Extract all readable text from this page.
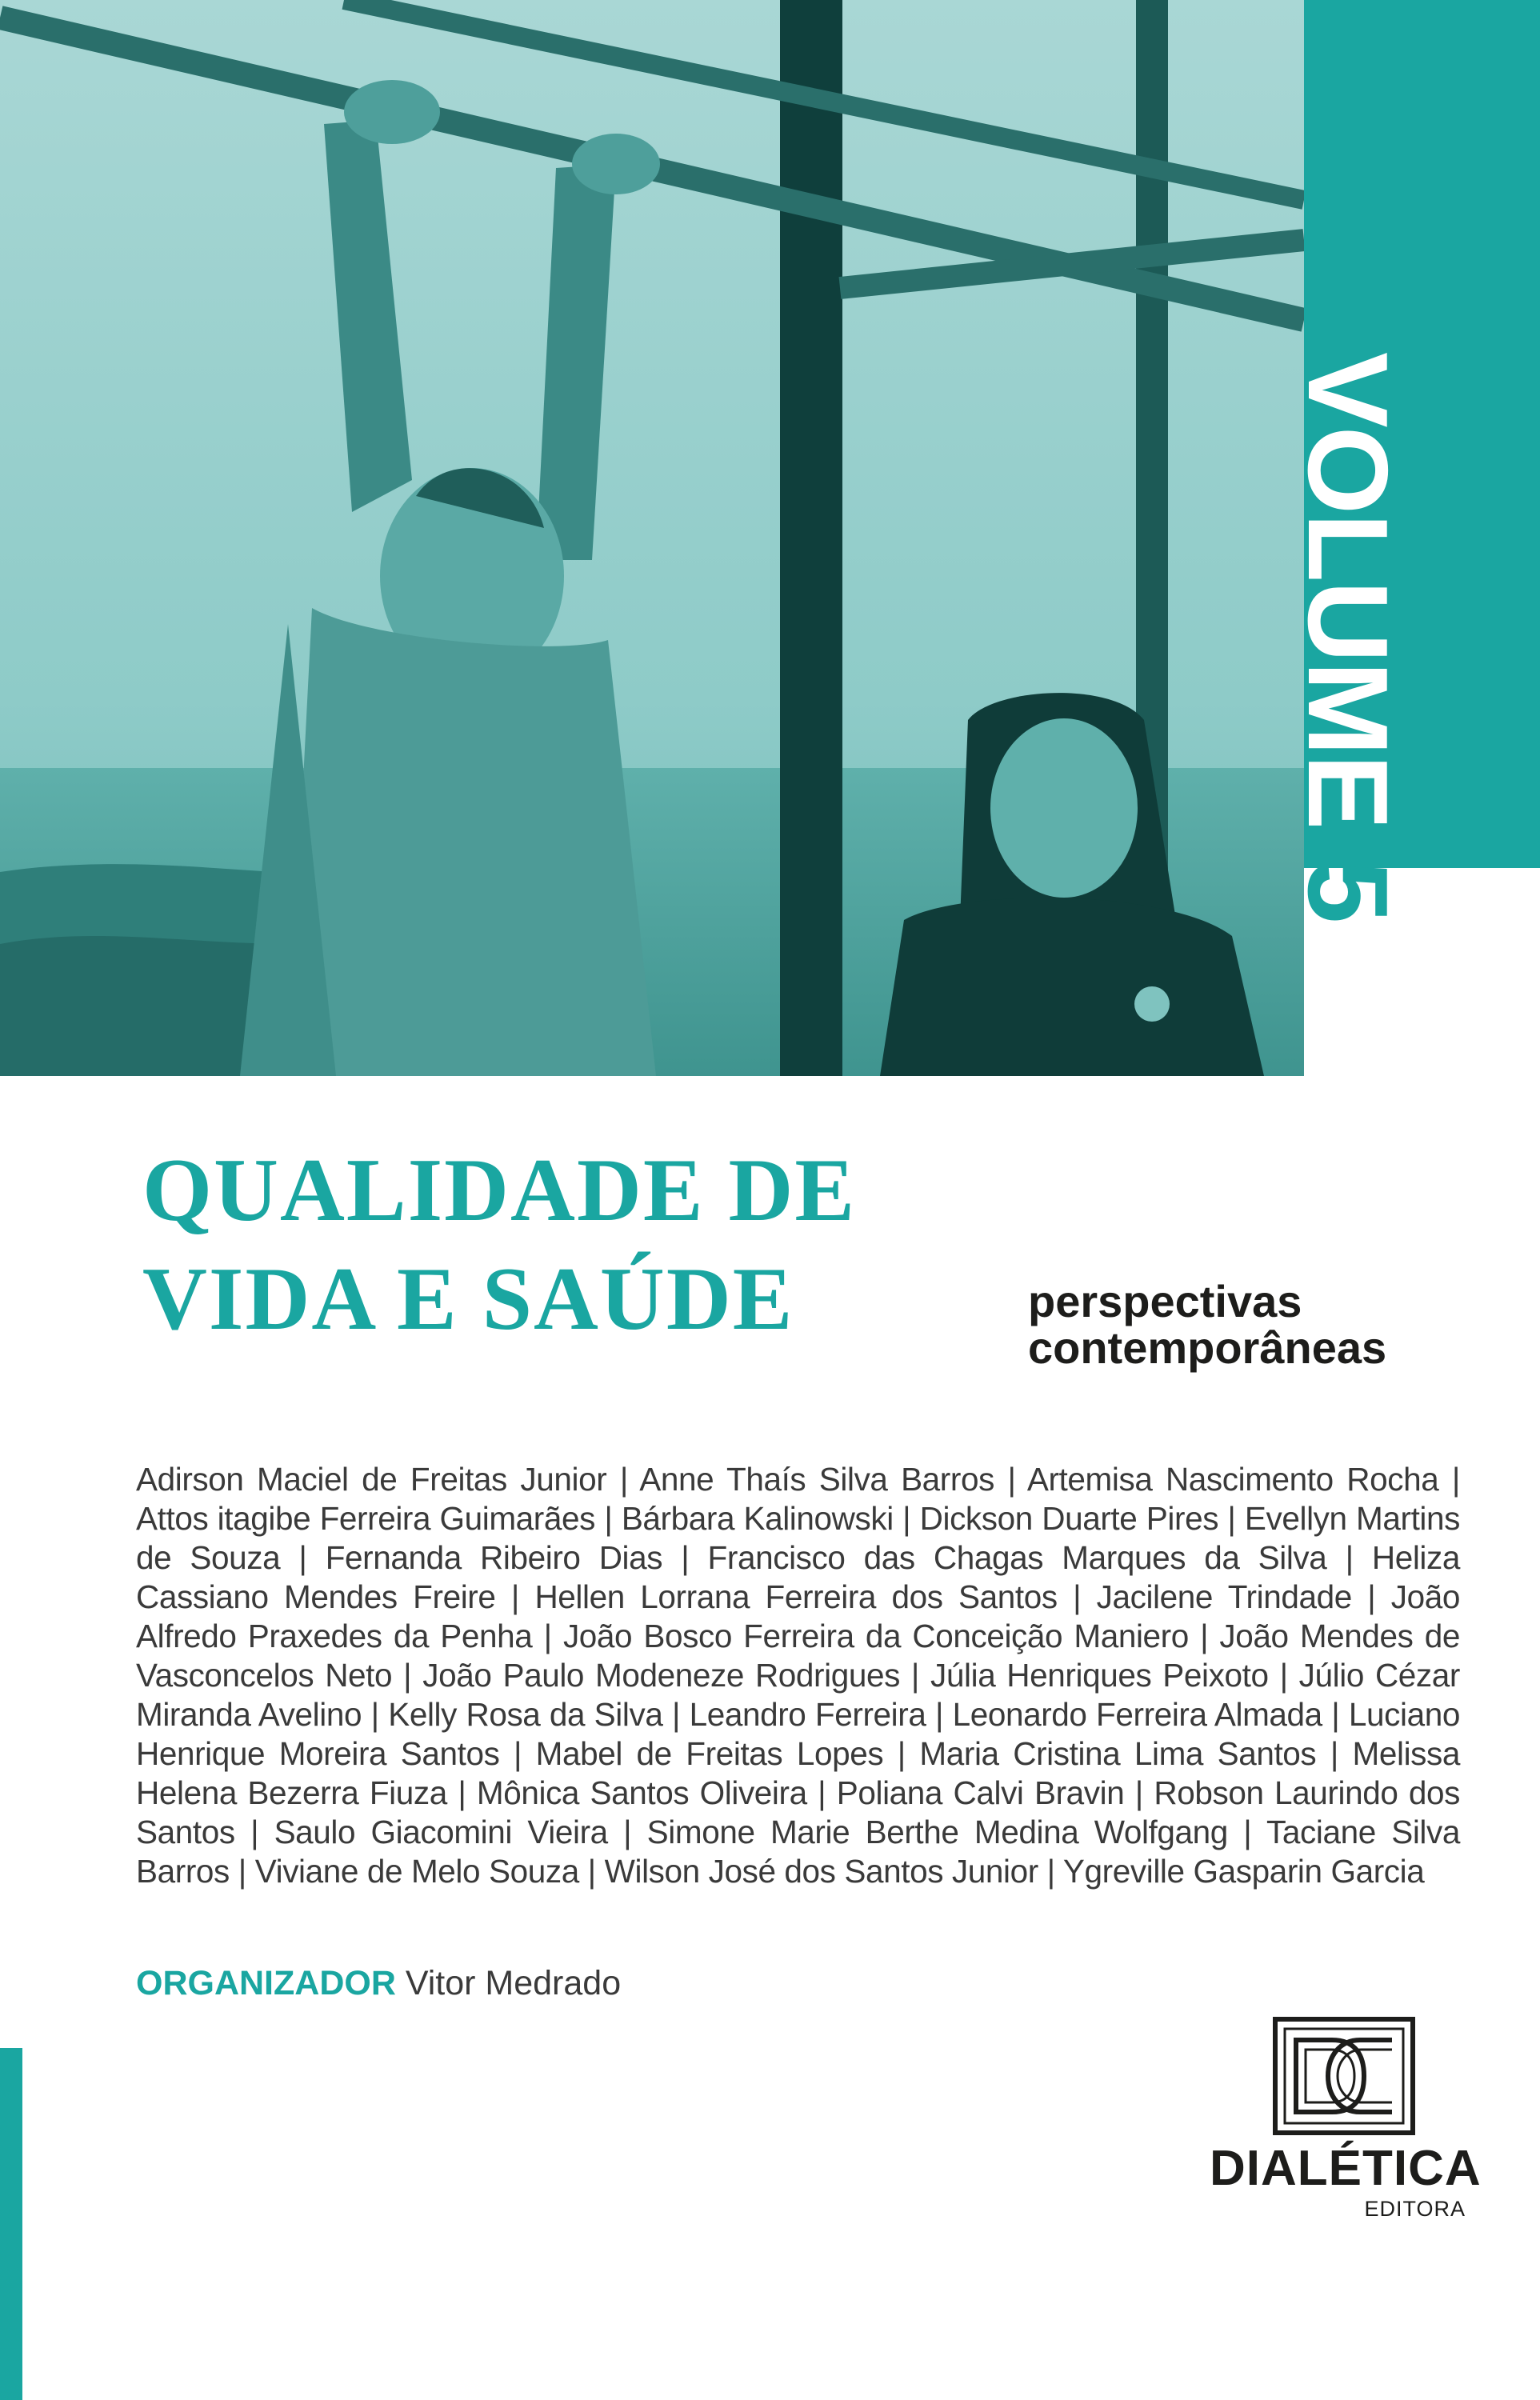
VOLUME5
QUALIDADE DE
VIDA E SAÚDE	perspectivas
contemporâneas

Adirson Maciel de Freitas Junior | Anne Thaís Silva Barros | Artemisa Nascimento Rocha | Attos itagibe Ferreira Guimarães | Bárbara Kalinowski | Dickson Duarte Pires | Evellyn Martins de Souza | Fernanda Ribeiro Dias | Francisco das Chagas Marques da Silva | Heliza Cassiano Mendes Freire | Hellen Lorrana Ferreira dos Santos | Jacilene Trindade | João Alfredo Praxedes da Penha | João Bosco Ferreira da Conceição Maniero | João Mendes de Vasconcelos Neto | João Paulo Modeneze Rodrigues | Júlia Henriques Peixoto | Júlio Cézar Miranda Avelino | Kelly Rosa da Silva | Leandro Ferreira | Leonardo Ferreira Almada | Luciano Henrique Moreira Santos | Mabel de Freitas Lopes | Maria Cristina Lima Santos | Melissa Helena Bezerra Fiuza | Mônica Santos Oliveira | Poliana Calvi Bravin | Robson Laurindo dos Santos | Saulo Giacomini Vieira | Simone Marie Berthe Medina Wolfgang | Taciane Silva Barros | Viviane de Melo Souza | Wilson José dos Santos Junior | Ygreville Gasparin Garcia

ORGANIZADOR Vitor Medrado

DIALÉTICA
EDITORA
